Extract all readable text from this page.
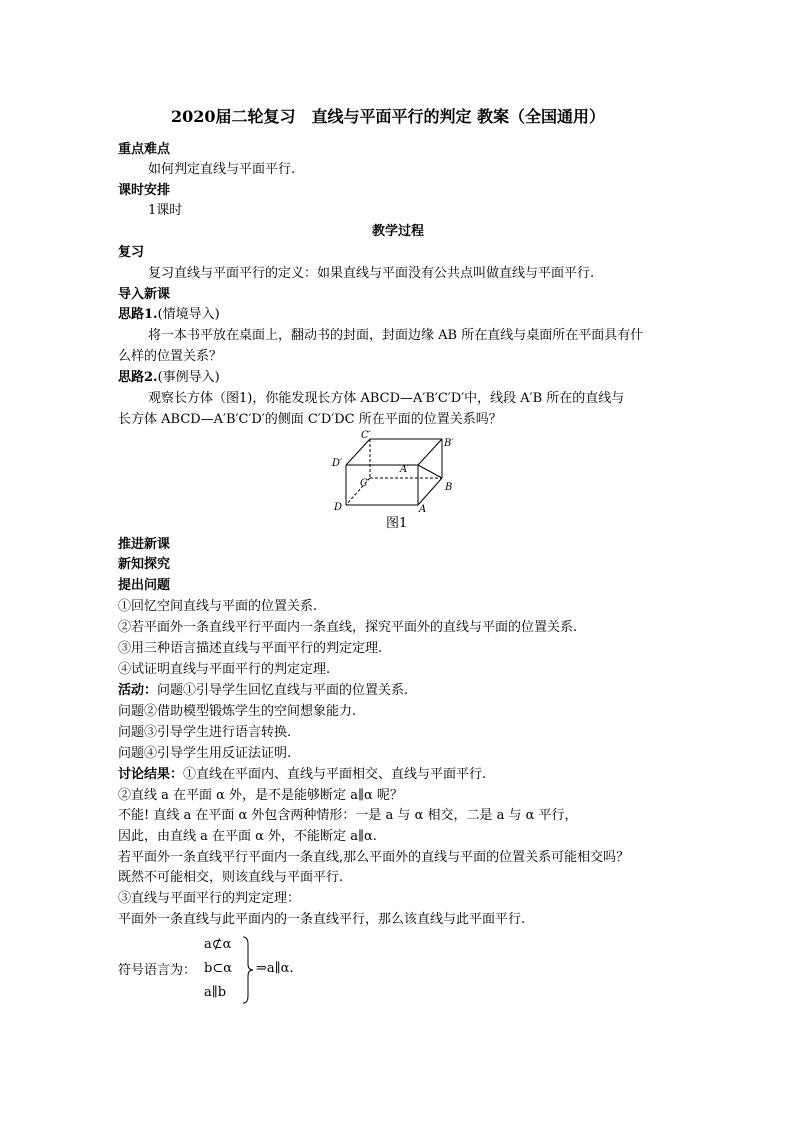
2020届二轮复习　直线与平面平行的判定 教案（全国通用）
重点难点
如何判定直线与平面平行.
课时安排
1课时
教学过程
复习
复习直线与平面平行的定义：如果直线与平面没有公共点叫做直线与平面平行.
导入新课
思路1.(情境导入)
将一本书平放在桌面上，翻动书的封面，封面边缘 AB 所在直线与桌面所在平面具有什
么样的位置关系？
思路2.(事例导入)
观察长方体（图1)，你能发现长方体 ABCD—A′B′C′D′中，线段 A′B 所在的直线与
长方体 ABCD—A′B′C′D′的侧面 C′D′DC 所在平面的位置关系吗？
C′
B′
D′
A′
C	B
D	A
图1
推进新课
新知探究
提出问题
①回忆空间直线与平面的位置关系.
②若平面外一条直线平行平面内一条直线，探究平面外的直线与平面的位置关系.
③用三种语言描述直线与平面平行的判定定理.
④试证明直线与平面平行的判定定理.
活动：问题①引导学生回忆直线与平面的位置关系.
问题②借助模型锻炼学生的空间想象能力.
问题③引导学生进行语言转换.
问题④引导学生用反证法证明.
讨论结果：①直线在平面内、直线与平面相交、直线与平面平行.
②直线 a 在平面 α 外，是不是能够断定 a∥α 呢？
不能! 直线 a 在平面 α 外包含两种情形：一是 a 与 α 相交，二是 a 与 α 平行，
因此，由直线 a 在平面 α 外，不能断定 a∥α.
若平面外一条直线平行平面内一条直线,那么平面外的直线与平面的位置关系可能相交吗？
既然不可能相交，则该直线与平面平行.
③直线与平面平行的判定定理：
平面外一条直线与此平面内的一条直线平行，那么该直线与此平面平行.
符号语言为：
a⊄α
b⊂α
a∥b
⇒a∥α.
